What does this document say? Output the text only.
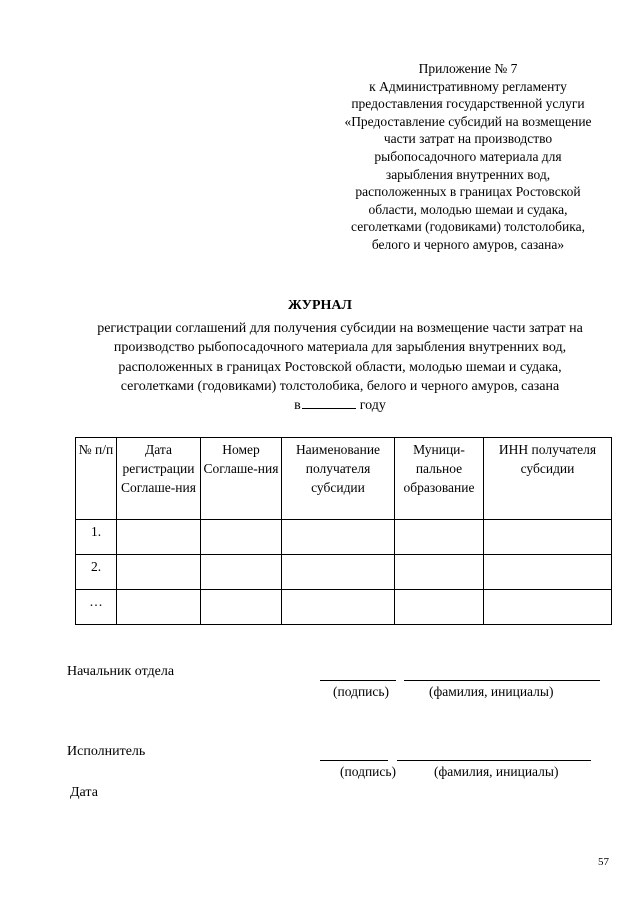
Приложение № 7
к Административному регламенту
предоставления государственной услуги
«Предоставление субсидий на возмещение
части затрат на производство
рыбопосадочного материала для
зарыбления внутренних вод,
расположенных в границах Ростовской
области, молодью шемаи и судака,
сеголетками (годовиками) толстолобика,
белого и черного амуров, сазана»
ЖУРНАЛ
регистрации соглашений для получения субсидии на возмещение части затрат на
производство рыбопосадочного материала для зарыбления внутренних вод,
расположенных в границах Ростовской области, молодью шемаи и судака,
сеголетками (годовиками) толстолобика, белого и черного амуров, сазана
в	году
№ п/п	Дата регистрации Соглаше-ния	Номер Соглаше-ния	Наименование получателя субсидии	Муници-пальное образование	ИНН получателя субсидии
1.					
2.					
…					
Начальник отдела
(подпись)	(фамилия, инициалы)
Исполнитель
(подпись)	(фамилия, инициалы)
Дата
57
